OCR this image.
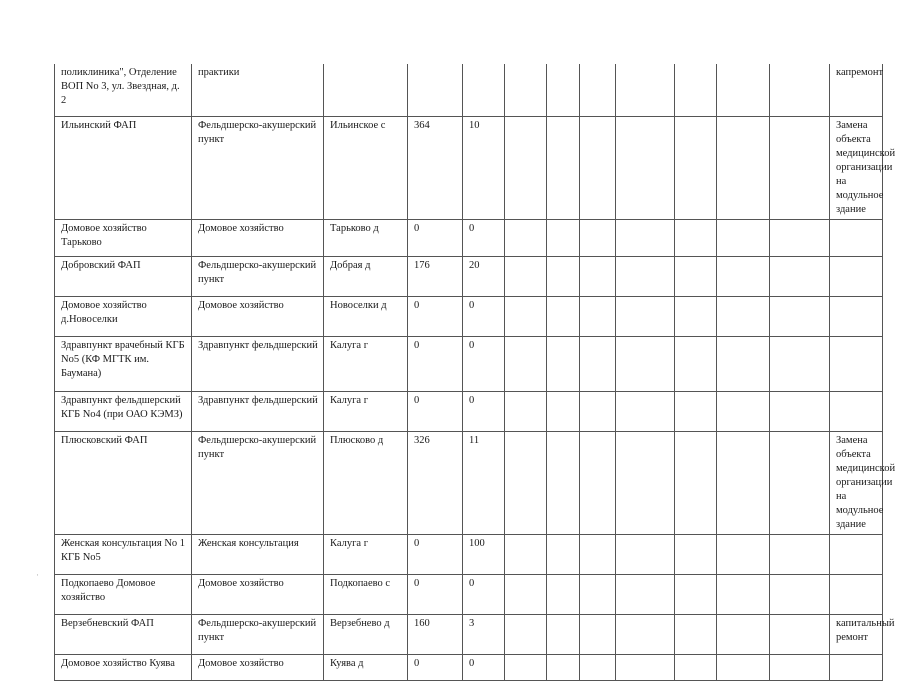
поликлиника", Отделение ВОП No 3, ул. Звездная, д. 2	практики											капремонт
Ильинский ФАП	Фельдшерско-акушерский пункт	Ильинское с	364	10								Замена объекта медицинской организации на модульное здание
Домовое хозяйство Тарьково	Домовое хозяйство	Тарьково д	0	0								
Добровский ФАП	Фельдшерско-акушерский пункт	Добрая д	176	20								
Домовое хозяйство д.Новоселки	Домовое хозяйство	Новоселки д	0	0								
Здравпункт врачебный КГБ No5 (КФ МГТК им. Баумана)	Здравпункт фельдшерский	Калуга г	0	0								
Здравпункт фельдшерский КГБ No4 (при ОАО КЭМЗ)	Здравпункт фельдшерский	Калуга г	0	0								
Плюсковский ФАП	Фельдшерско-акушерский пункт	Плюсково д	326	11								Замена объекта медицинской организации на модульное здание
Женская консультация No 1 КГБ No5	Женская консультация	Калуга г	0	100								
Подкопаево Домовое хозяйство	Домовое хозяйство	Подкопаево с	0	0								
Верзебневский ФАП	Фельдшерско-акушерский пункт	Верзебнево д	160	3								капитальный ремонт
Домовое хозяйство Куява	Домовое хозяйство	Куява д	0	0								
·
